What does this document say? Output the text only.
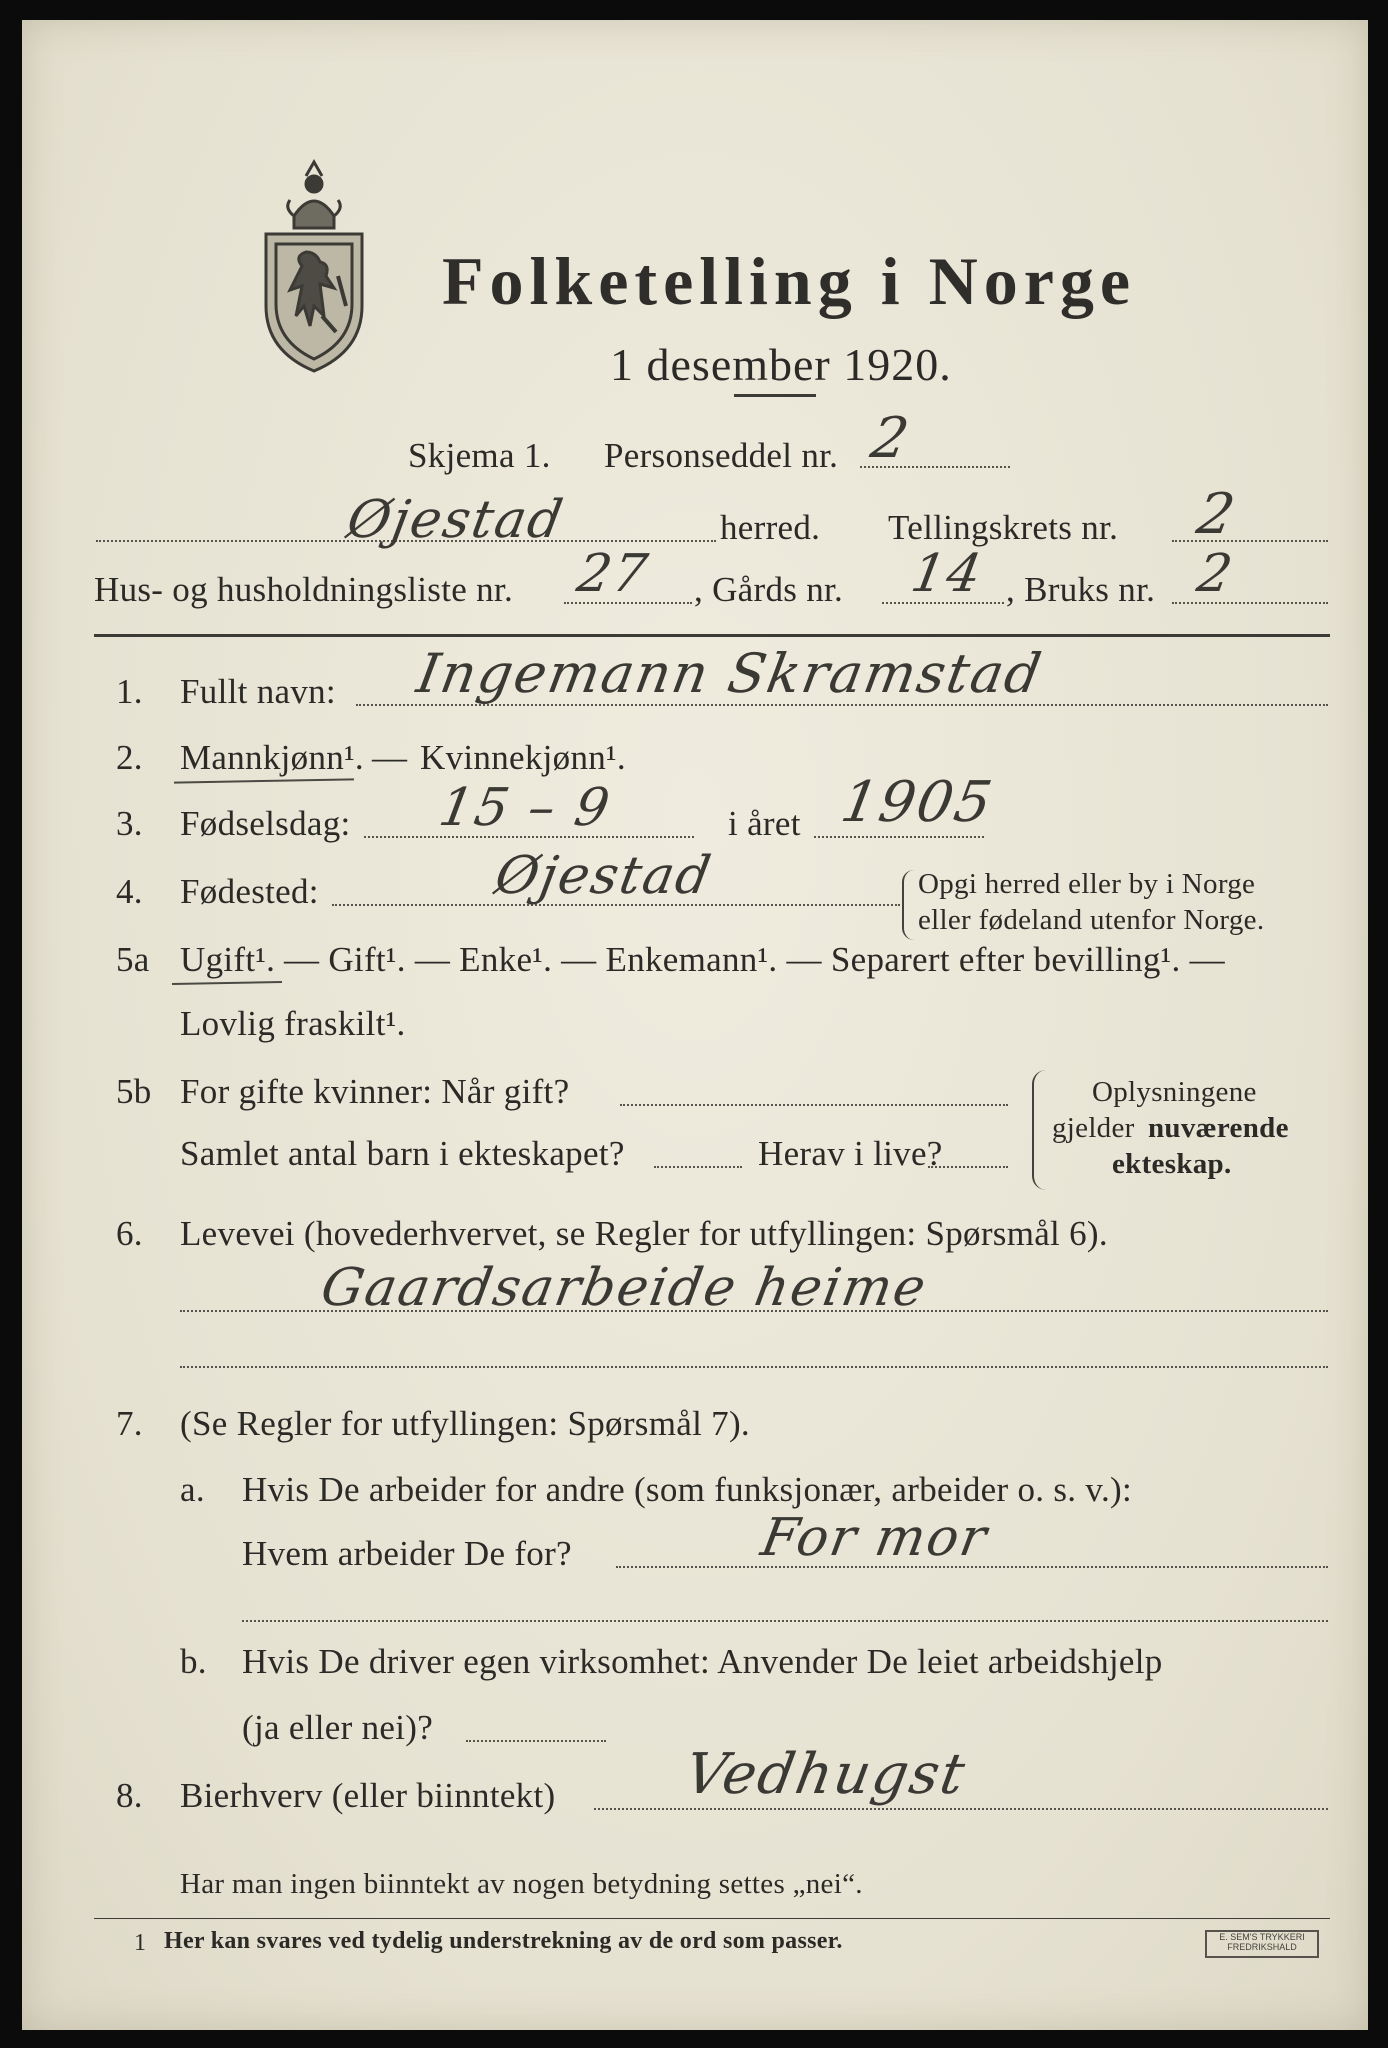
Folketelling i Norge
1 desember 1920.
Skjema 1. Personseddel nr. 2
Øjestad	herred. Tellingskrets nr. 2
Hus- og husholdningsliste nr. 27 , Gårds nr. 14 , Bruks nr. 2
1. Fullt navn: Ingemann Skramstad
2. Mannkjønn¹. — Kvinnekjønn¹.
3. Fødselsdag: 15 – 9	i året 1905
4. Fødested:	Øjestad	Opgi herred eller by i Norge
eller fødeland utenfor Norge.
5a Ugift¹. — Gift¹. — Enke¹. — Enkemann¹. — Separert efter bevilling¹. —
Lovlig fraskilt¹.
5b For gifte kvinner: Når gift?
Samlet antal barn i ekteskapet?	Herav i live?
Oplysningene
gjelder nuværende
ekteskap.
6. Levevei (hovederhvervet, se Regler for utfyllingen: Spørsmål 6).
Gaardsarbeide heime
7. (Se Regler for utfyllingen: Spørsmål 7).
a. Hvis De arbeider for andre (som funksjonær, arbeider o. s. v.):
Hvem arbeider De for?	For mor
b. Hvis De driver egen virksomhet: Anvender De leiet arbeidshjelp
(ja eller nei)?
8. Bierhverv (eller biinntekt) Vedhugst
Har man ingen biinntekt av nogen betydning settes „nei“.
1 Her kan svares ved tydelig understrekning av de ord som passer.	E. SEM'S TRYKKERI
FREDRIKSHALD
